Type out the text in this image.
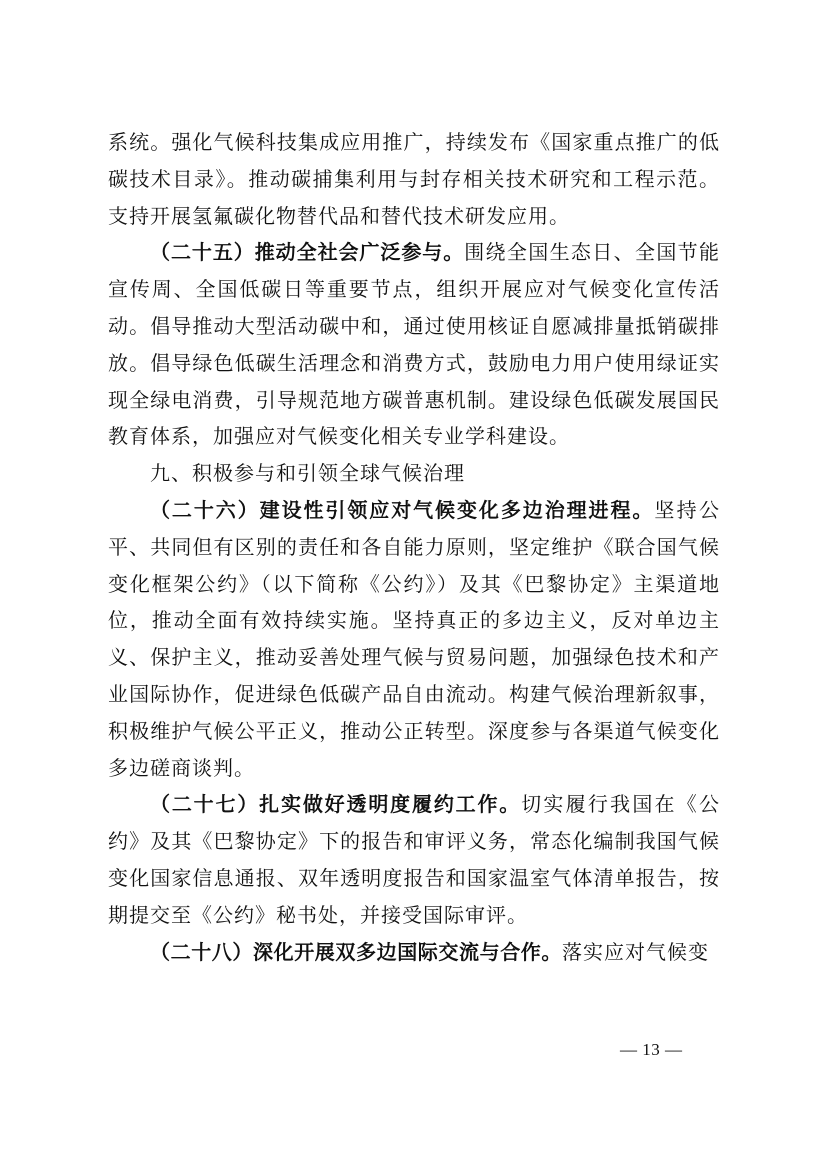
系统。强化气候科技集成应用推广，持续发布《国家重点推广的低碳技术目录》。推动碳捕集利用与封存相关技术研究和工程示范。支持开展氢氟碳化物替代品和替代技术研发应用。

（二十五）推动全社会广泛参与。围绕全国生态日、全国节能宣传周、全国低碳日等重要节点，组织开展应对气候变化宣传活动。倡导推动大型活动碳中和，通过使用核证自愿减排量抵销碳排放。倡导绿色低碳生活理念和消费方式，鼓励电力用户使用绿证实现全绿电消费，引导规范地方碳普惠机制。建设绿色低碳发展国民教育体系，加强应对气候变化相关专业学科建设。

九、积极参与和引领全球气候治理

（二十六）建设性引领应对气候变化多边治理进程。坚持公平、共同但有区别的责任和各自能力原则，坚定维护《联合国气候变化框架公约》（以下简称《公约》）及其《巴黎协定》主渠道地位，推动全面有效持续实施。坚持真正的多边主义，反对单边主义、保护主义，推动妥善处理气候与贸易问题，加强绿色技术和产业国际协作，促进绿色低碳产品自由流动。构建气候治理新叙事，积极维护气候公平正义，推动公正转型。深度参与各渠道气候变化多边磋商谈判。

（二十七）扎实做好透明度履约工作。切实履行我国在《公约》及其《巴黎协定》下的报告和审评义务，常态化编制我国气候变化国家信息通报、双年透明度报告和国家温室气体清单报告，按期提交至《公约》秘书处，并接受国际审评。

（二十八）深化开展双多边国际交流与合作。落实应对气候变

— 13 —
